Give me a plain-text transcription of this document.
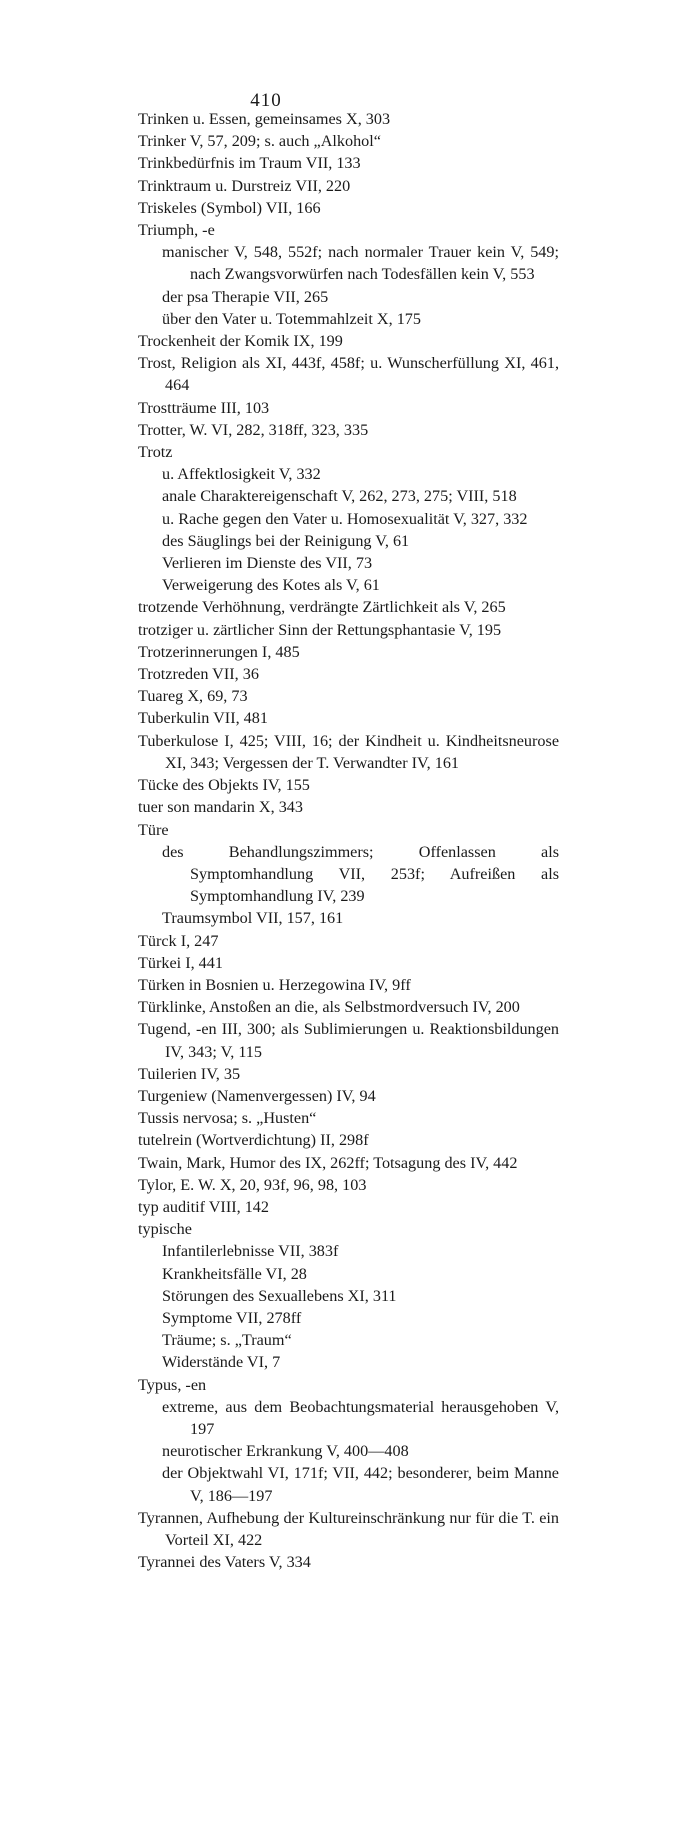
410
Trinken u. Essen, gemeinsames X, 303
Trinker V, 57, 209; s. auch „Alkohol“
Trinkbedürfnis im Traum VII, 133
Trinktraum u. Durstreiz VII, 220
Triskeles (Symbol) VII, 166
Triumph, -e
manischer V, 548, 552f; nach normaler Trauer kein V, 549; nach Zwangsvorwürfen nach Todesfällen kein V, 553
der psa Therapie VII, 265
über den Vater u. Totemmahlzeit X, 175
Trockenheit der Komik IX, 199
Trost, Religion als XI, 443f, 458f; u. Wunscherfüllung XI, 461, 464
Trostträume III, 103
Trotter, W. VI, 282, 318ff, 323, 335
Trotz
u. Affektlosigkeit V, 332
anale Charaktereigenschaft V, 262, 273, 275; VIII, 518
u. Rache gegen den Vater u. Homosexualität V, 327, 332
des Säuglings bei der Reinigung V, 61
Verlieren im Dienste des VII, 73
Verweigerung des Kotes als V, 61
trotzende Verhöhnung, verdrängte Zärtlichkeit als V, 265
trotziger u. zärtlicher Sinn der Rettungsphantasie V, 195
Trotzerinnerungen I, 485
Trotzreden VII, 36
Tuareg X, 69, 73
Tuberkulin VII, 481
Tuberkulose I, 425; VIII, 16; der Kindheit u. Kindheitsneurose XI, 343; Vergessen der T. Verwandter IV, 161
Tücke des Objekts IV, 155
tuer son mandarin X, 343
Türe
des Behandlungszimmers; Offenlassen als Symptomhandlung VII, 253f; Aufreißen als Symptomhandlung IV, 239
Traumsymbol VII, 157, 161
Türck I, 247
Türkei I, 441
Türken in Bosnien u. Herzegowina IV, 9ff
Türklinke, Anstoßen an die, als Selbstmordversuch IV, 200
Tugend, -en III, 300; als Sublimierungen u. Reaktionsbildungen IV, 343; V, 115
Tuilerien IV, 35
Turgeniew (Namenvergessen) IV, 94
Tussis nervosa; s. „Husten“
tutelrein (Wortverdichtung) II, 298f
Twain, Mark, Humor des IX, 262ff; Totsagung des IV, 442
Tylor, E. W. X, 20, 93f, 96, 98, 103
typ auditif VIII, 142
typische
Infantilerlebnisse VII, 383f
Krankheitsfälle VI, 28
Störungen des Sexuallebens XI, 311
Symptome VII, 278ff
Träume; s. „Traum“
Widerstände VI, 7
Typus, -en
extreme, aus dem Beobachtungsmaterial herausgehoben V, 197
neurotischer Erkrankung V, 400—408
der Objektwahl VI, 171f; VII, 442; besonderer, beim Manne V, 186—197
Tyrannen, Aufhebung der Kultureinschränkung nur für die T. ein Vorteil XI, 422
Tyrannei des Vaters V, 334
